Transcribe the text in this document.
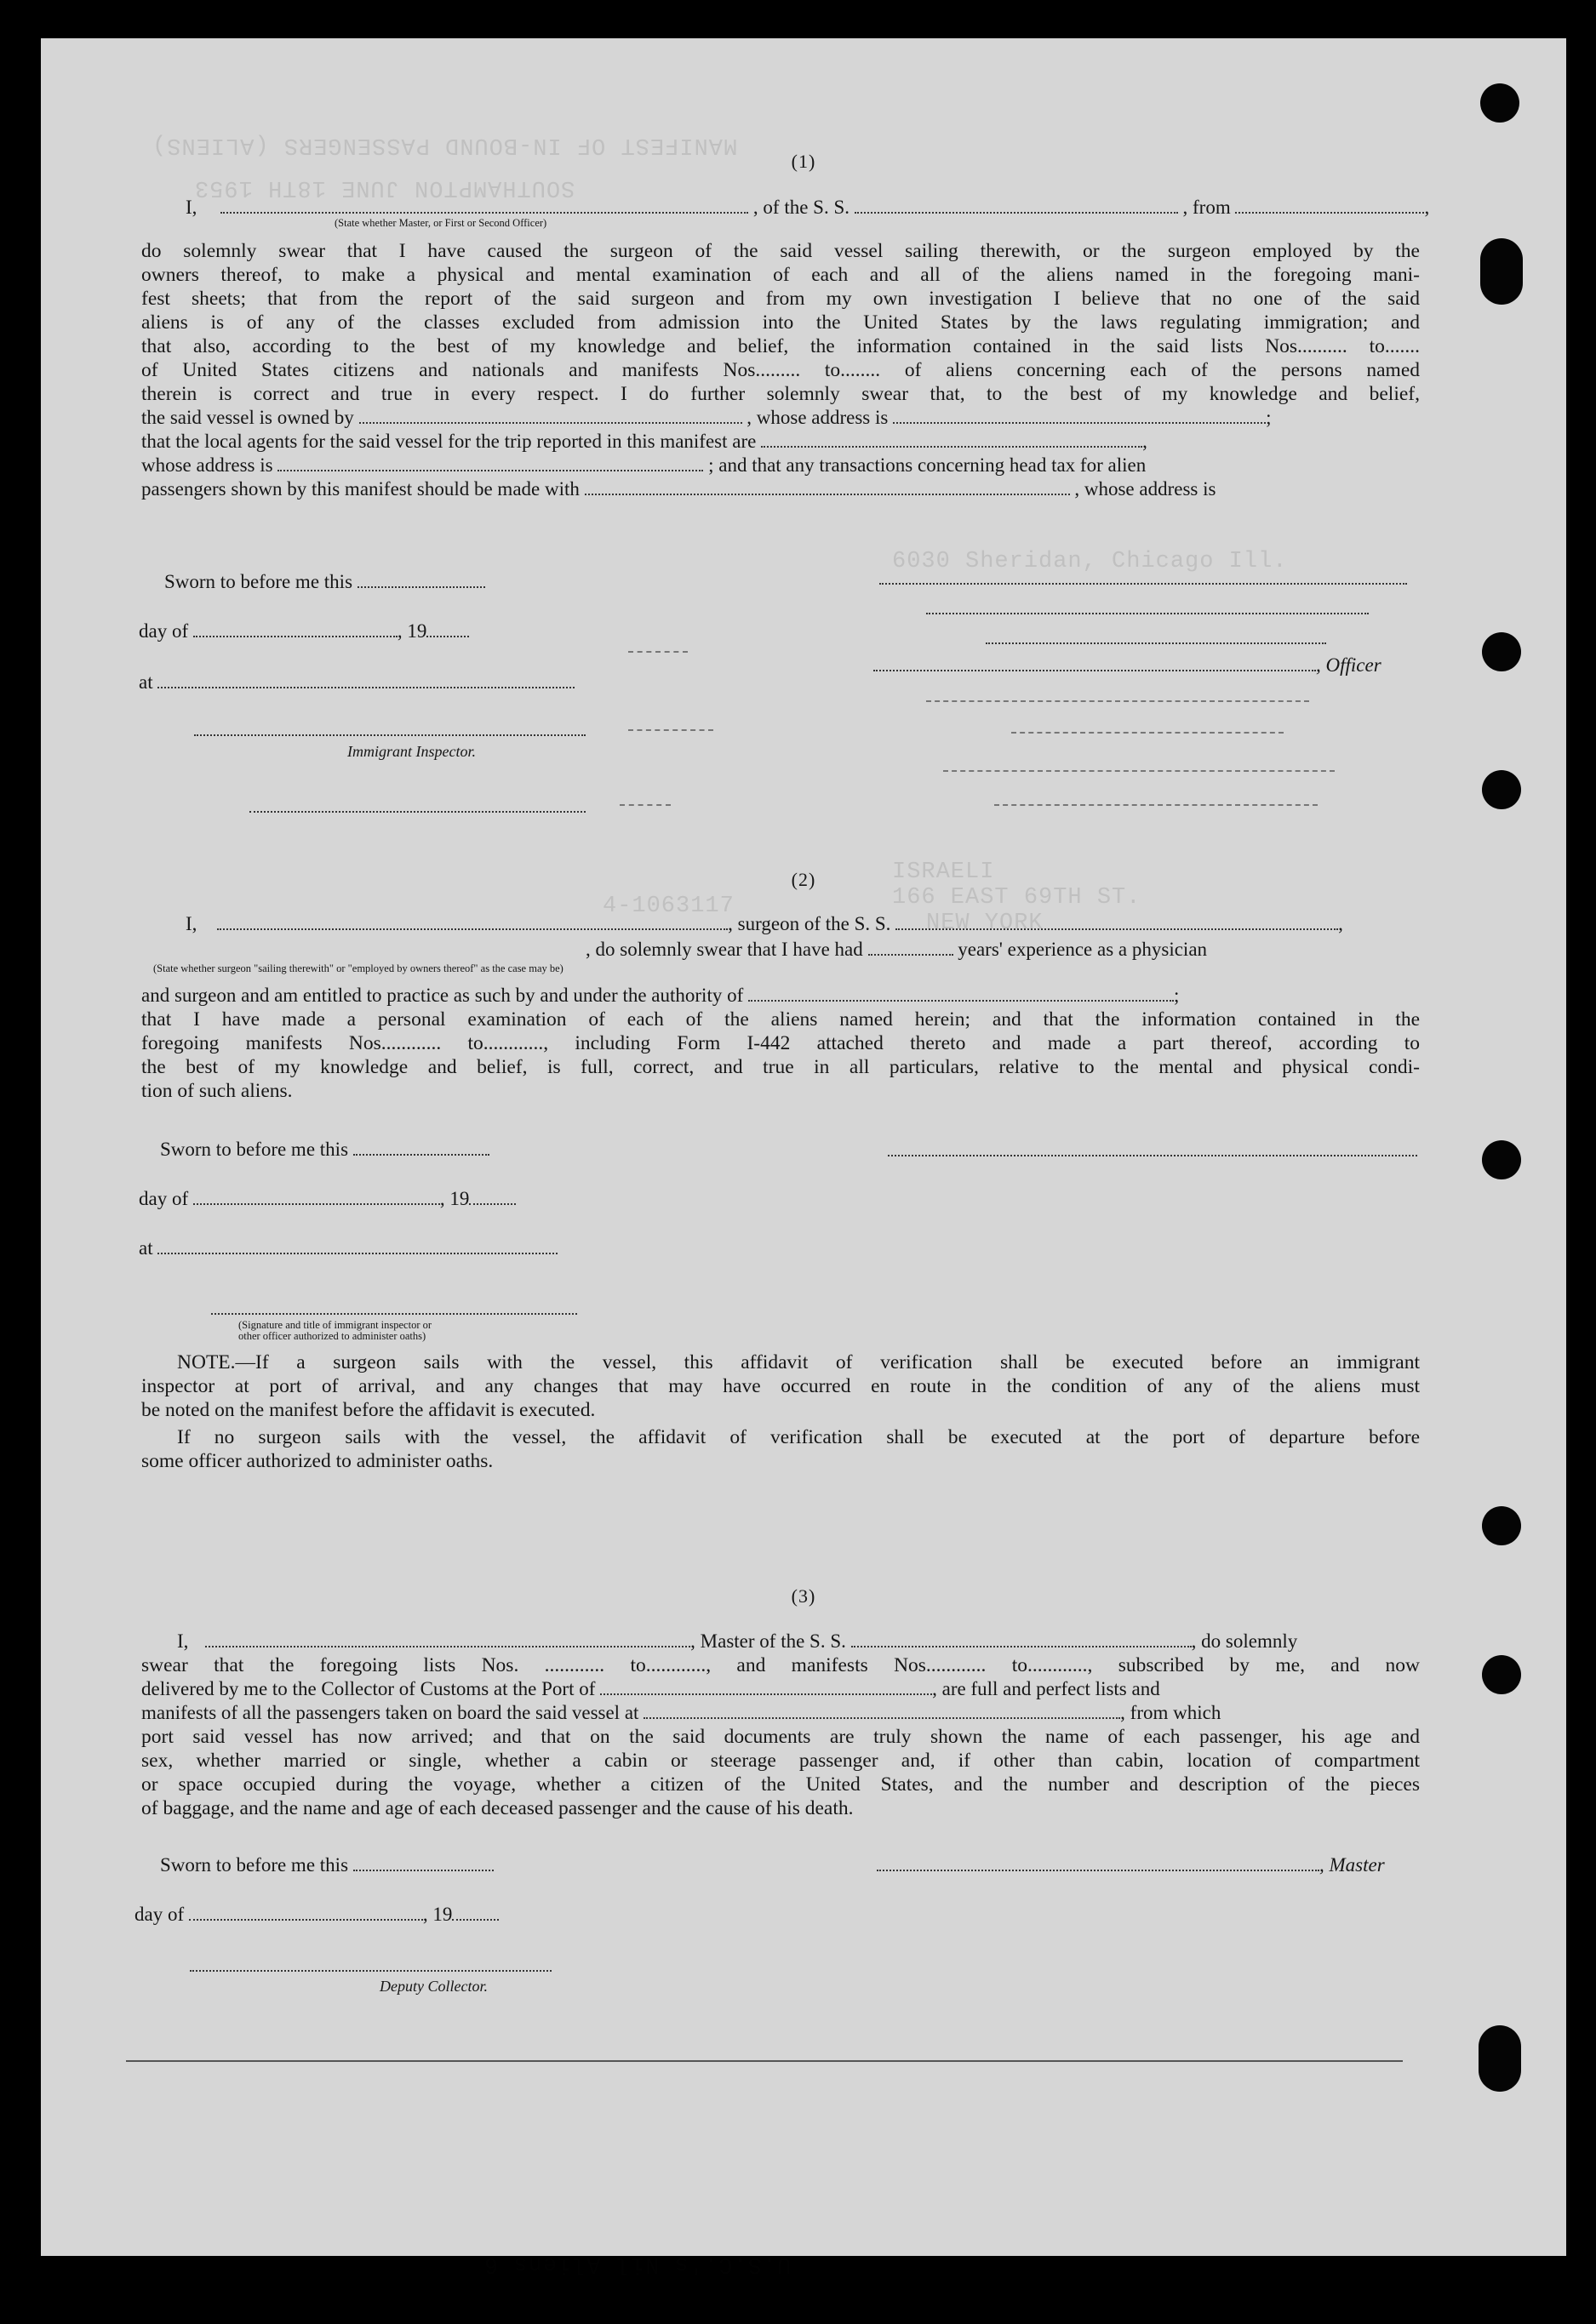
MANIFEST OF IN-BOUND PASSENGERS (ALIENS)
SOUTHAMPTON JUNE 18TH 1953
6030 Sheridan, Chicago Ill.
ISRAELI
166 EAST 69TH ST.
NEW YORK
4-1063117
U.S.C.'s Nil Aliens 6
(1)
I,	, of the S. S.	, from	,
(State whether Master, or First or Second Officer)
do solemnly swear that I have caused the surgeon of the said vessel sailing therewith, or the surgeon employed by the
owners thereof, to make a physical and mental examination of each and all of the aliens named in the foregoing mani-
fest sheets; that from the report of the said surgeon and from my own investigation I believe that no one of the said
aliens is of any of the classes excluded from admission into the United States by the laws regulating immigration; and
that also, according to the best of my knowledge and belief, the information contained in the said lists Nos.......... to.......
of United States citizens and nationals and manifests Nos......... to........ of aliens concerning each of the persons named
therein is correct and true in every respect. I do further solemnly swear that, to the best of my knowledge and belief,
the said vessel is owned by	, whose address is	;
that the local agents for the said vessel for the trip reported in this manifest are	,
whose address is	; and that any transactions concerning head tax for alien
passengers shown by this manifest should be made with	, whose address is
Sworn to before me this
day of	, 19
at
Immigrant Inspector.
, Officer
(2)
I,	, surgeon of the S. S.	,
, do solemnly swear that I have had	years' experience as a physician
(State whether surgeon "sailing therewith" or "employed by owners thereof" as the case may be)
and surgeon and am entitled to practice as such by and under the authority of	;
that I have made a personal examination of each of the aliens named herein; and that the information contained in the
foregoing manifests Nos............ to............, including Form I-442 attached thereto and made a part thereof, according to
the best of my knowledge and belief, is full, correct, and true in all particulars, relative to the mental and physical condi-
tion of such aliens.
Sworn to before me this
day of	, 19
at
(Signature and title of immigrant inspector or
other officer authorized to administer oaths)
NOTE.—If a surgeon sails with the vessel, this affidavit of verification shall be executed before an immigrant
inspector at port of arrival, and any changes that may have occurred en route in the condition of any of the aliens must
be noted on the manifest before the affidavit is executed.
If no surgeon sails with the vessel, the affidavit of verification shall be executed at the port of departure before
some officer authorized to administer oaths.
(3)
I,	, Master of the S. S.	, do solemnly
swear that the foregoing lists Nos. ............ to............, and manifests Nos............ to............, subscribed by me, and now
delivered by me to the Collector of Customs at the Port of	, are full and perfect lists and
manifests of all the passengers taken on board the said vessel at	, from which
port said vessel has now arrived; and that on the said documents are truly shown the name of each passenger, his age and
sex, whether married or single, whether a cabin or steerage passenger and, if other than cabin, location of compartment
or space occupied during the voyage, whether a citizen of the United States, and the number and description of the pieces
of baggage, and the name and age of each deceased passenger and the cause of his death.
Sworn to before me this	, Master
day of	, 19
Deputy Collector.
